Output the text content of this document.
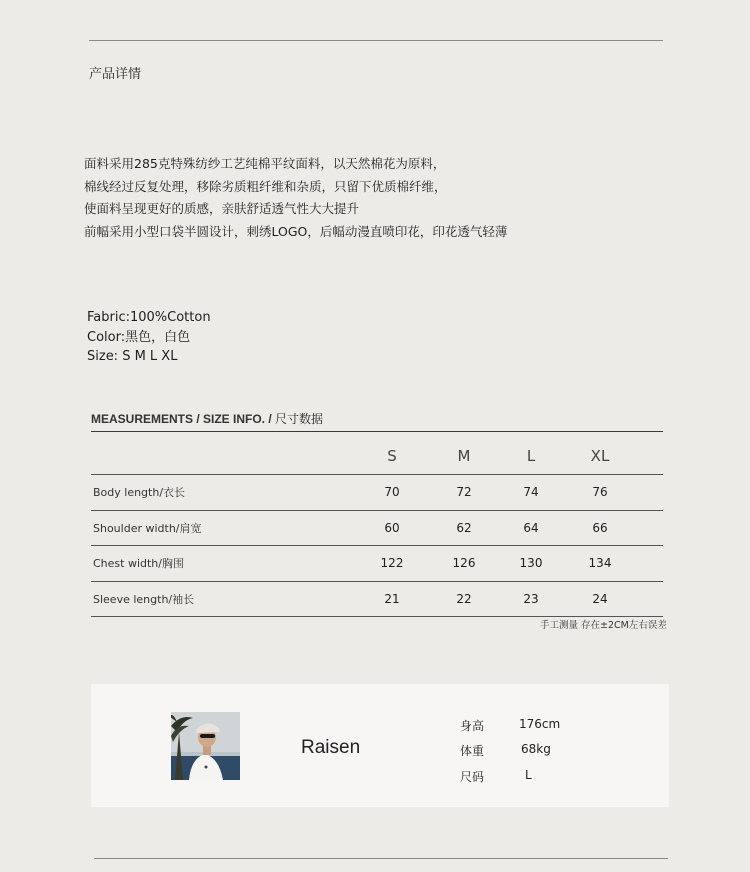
产品详情
面料采用285克特殊纺纱工艺纯棉平纹面料，以天然棉花为原料，
棉线经过反复处理，移除劣质粗纤维和杂质，只留下优质棉纤维，
使面料呈现更好的质感，亲肤舒适透气性大大提升
前幅采用小型口袋半圆设计，刺绣LOGO，后幅动漫直喷印花，印花透气轻薄
Fabric:100%Cotton
Color:黑色，白色
Size: S M L XL
MEASUREMENTS / SIZE INFO. / 尺寸数据
	S	M	L	XL	
Body length/衣长	70	72	74	76	
Shoulder width/肩宽	60	62	64	66	
Chest width/胸围	122	126	130	134	
Sleeve length/袖长	21	22	23	24	
手工测量 存在±2CM左右误差
Raisen
身高	176cm
体重	68kg
尺码	L
